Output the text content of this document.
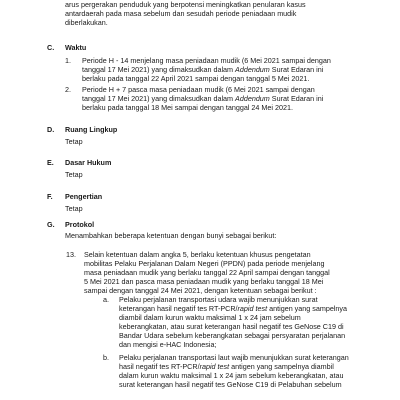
arus pergerakan penduduk yang berpotensi meningkatkan penularan kasus
antardaerah pada masa sebelum dan sesudah periode peniadaan mudik
diberlakukan.
C. Waktu
1. Periode H - 14 menjelang masa peniadaan mudik (6 Mei 2021 sampai dengan
tanggal 17 Mei 2021) yang dimaksudkan dalam Addendum Surat Edaran ini
berlaku pada tanggal 22 April 2021 sampai dengan tanggal 5 Mei 2021.
2. Periode H + 7 pasca masa peniadaan mudik (6 Mei 2021 sampai dengan
tanggal 17 Mei 2021) yang dimaksudkan dalam Addendum Surat Edaran ini
berlaku pada tanggal 18 Mei sampai dengan tanggal 24 Mei 2021.
D. Ruang Lingkup
Tetap
E. Dasar Hukum
Tetap
F. Pengertian
Tetap
G. Protokol
Menambahkan beberapa ketentuan dengan bunyi sebagai berikut:
13. Selain ketentuan dalam angka 5, berlaku ketentuan khusus pengetatan
mobilitas Pelaku Perjalanan Dalam Negeri (PPDN) pada periode menjelang
masa peniadaan mudik yang berlaku tanggal 22 April sampai dengan tanggal
5 Mei 2021 dan pasca masa peniadaan mudik yang berlaku tanggal 18 Mei
sampai dengan tanggal 24 Mei 2021, dengan ketentuan sebagai berikut :
a. Pelaku perjalanan transportasi udara wajib menunjukkan surat
keterangan hasil negatif tes RT-PCR/rapid test antigen yang sampelnya
diambil dalam kurun waktu maksimal 1 x 24 jam sebelum
keberangkatan, atau surat keterangan hasil negatif tes GeNose C19 di
Bandar Udara sebelum keberangkatan sebagai persyaratan perjalanan
dan mengisi e-HAC Indonesia;
b. Pelaku perjalanan transportasi laut wajib menunjukkan surat keterangan
hasil negatif tes RT-PCR/rapid test antigen yang sampelnya diambil
dalam kurun waktu maksimal 1 x 24 jam sebelum keberangkatan, atau
surat keterangan hasil negatif tes GeNose C19 di Pelabuhan sebelum
